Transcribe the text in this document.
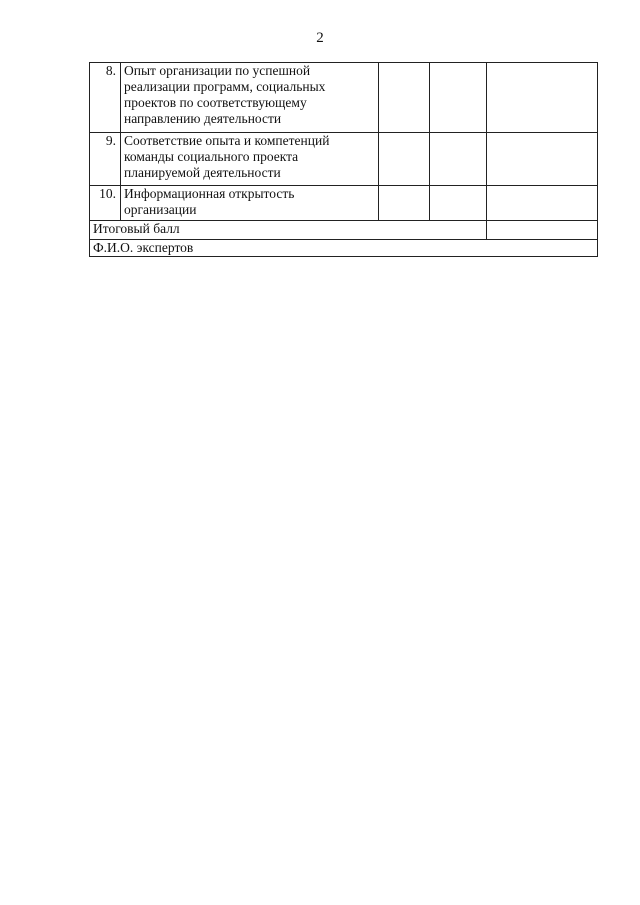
2
8.	Опыт организации по успешной
реализации программ, социальных
проектов по соответствующему
направлению деятельности			

9.	Соответствие опыта и компетенций
команды социального проекта
планируемой деятельности			

10.	Информационная открытость
организации			

Итоговый балл				
Ф.И.О. экспертов				
